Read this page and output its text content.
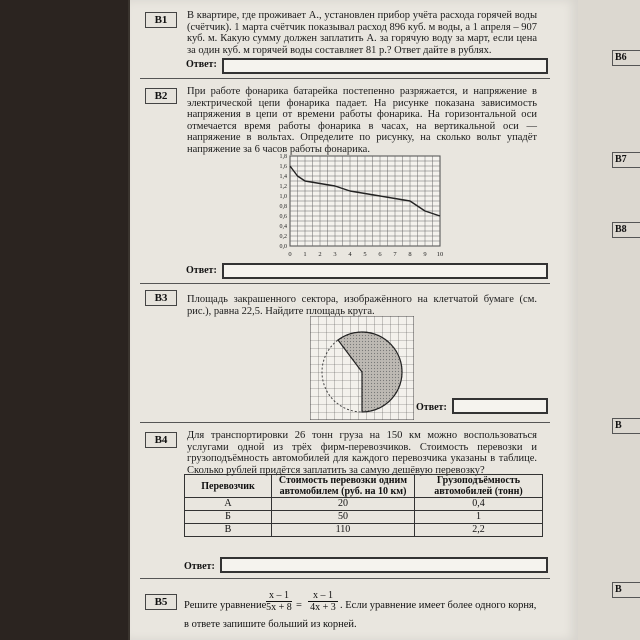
B6
B7
B8
B
B
B1	В квартире, где проживает А., установлен прибор учёта расхода горячей воды (счётчик). 1 марта счётчик показывал расход 896 куб. м воды, а 1 апреля – 907 куб. м. Какую сумму должен заплатить А. за горячую воду за март, если цена за один куб. м горячей воды составляет 81 р.? Ответ дайте в рублях.
Ответ:
B2	При работе фонарика батарейка постепенно разряжается, и напряжение в электрической цепи фонарика падает. На рисунке показана зависимость напряжения в цепи от времени работы фонарика. На горизонтальной оси отмечается время работы фонарика в часах, на вертикальной оси — напряжение в вольтах. Определите по рисунку, на сколько вольт упадёт напряжение за 6 часов работы фонарика.
0 1 2 3 4 5 6 7 8 9 10
0,0
0,2
0,4
0,6
0,8
1,0
1,2
1,4
1,6
1,8
Ответ:
B3	Площадь закрашенного сектора, изображённого на клетчатой бумаге (см. рис.), равна 22,5. Найдите площадь круга.
Ответ:
B4	Для транспортировки 26 тонн груза на 150 км можно воспользоваться услугами одной из трёх фирм-перевозчиков. Стоимость перевозки и грузоподъёмность автомобилей для каждого перевозчика указаны в таблице. Сколько рублей придётся заплатить за самую дешёвую перевозку?
Перевозчик	Стоимость перевозки одним автомобилем (руб. на 10 км)	Грузоподъёмность автомобилей (тонн)
А	20	0,4
Б	50	1
В	110	2,2
Ответ:
B5	Решите уравнение $\frac{x - 1}{5x + 8} = \frac{x - 1}{4x + 3}$ . Если уравнение имеет более одного корня,
в ответе запишите больший из корней.
